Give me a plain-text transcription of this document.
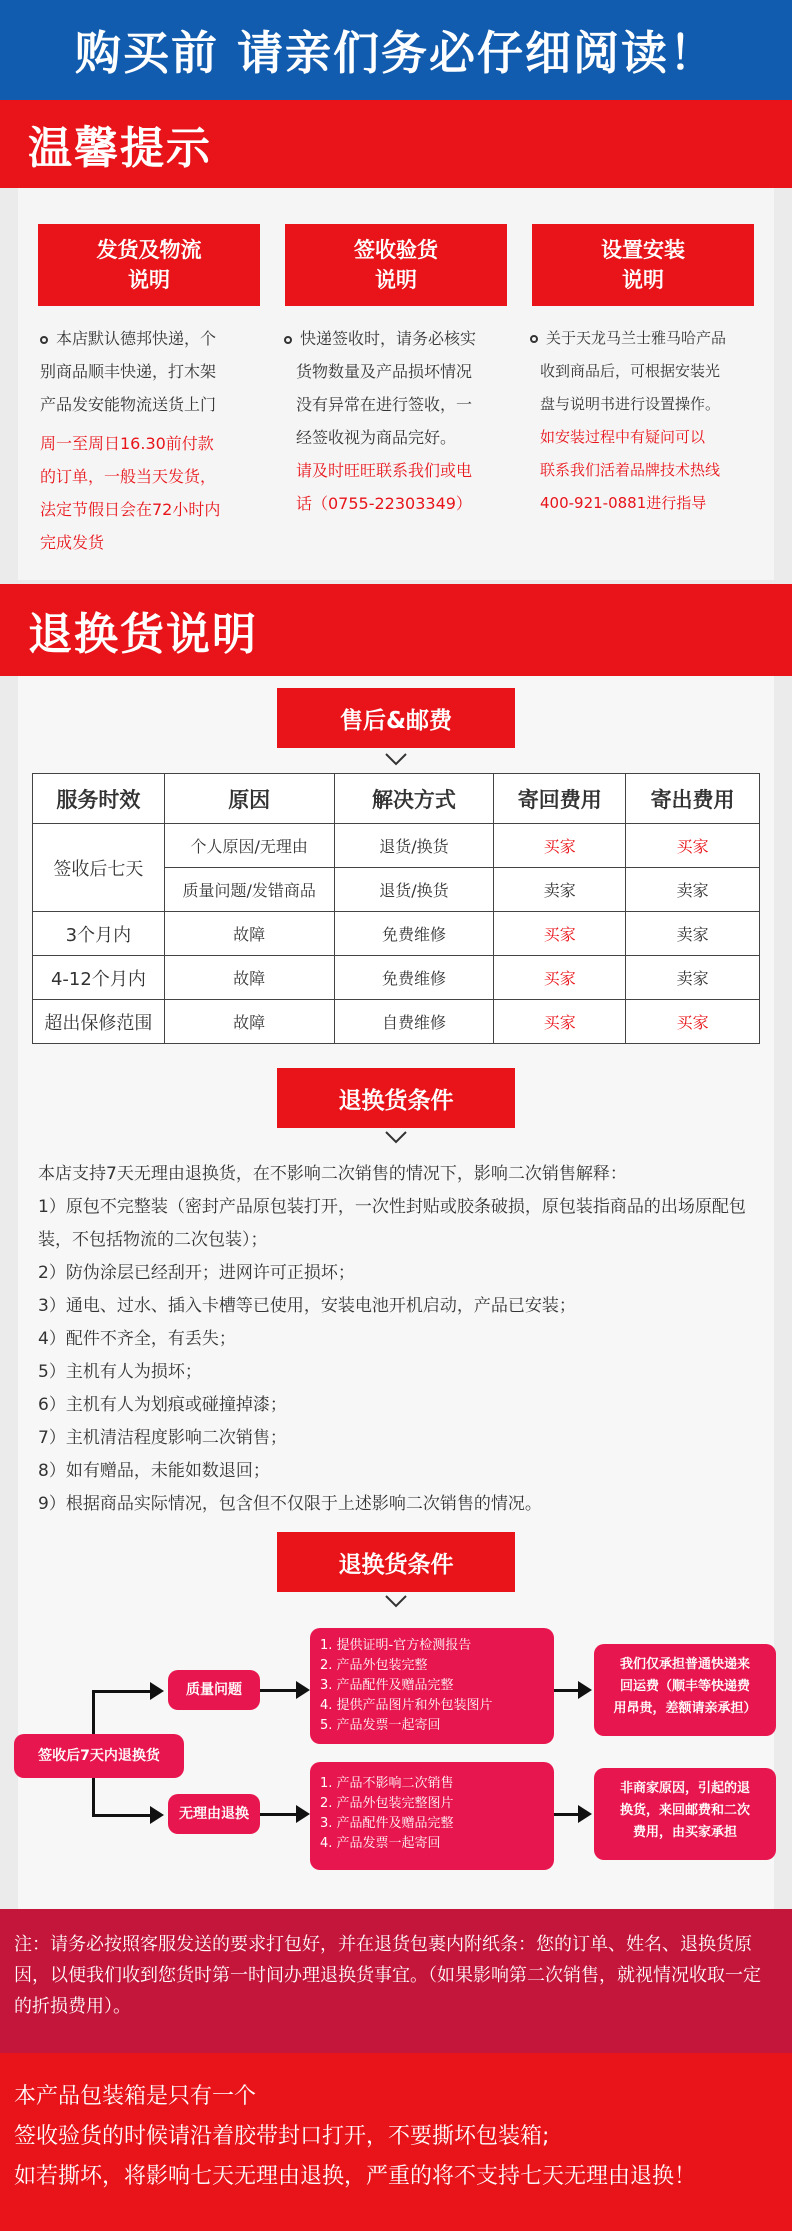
购买前 请亲们务必仔细阅读！
温馨提示
发货及物流
说明
签收验货
说明
设置安装
说明
本店默认德邦快递，个
别商品顺丰快递，打木架
产品发安能物流送货上门
周一至周日16.30前付款
的订单，一般当天发货，
法定节假日会在72小时内
完成发货
快递签收时，请务必核实
货物数量及产品损坏情况
没有异常在进行签收，一
经签收视为商品完好。
请及时旺旺联系我们或电
话（0755-22303349）
关于天龙马兰士雅马哈产品
收到商品后，可根据安装光
盘与说明书进行设置操作。
如安装过程中有疑问可以
联系我们活着品牌技术热线
400-921-0881进行指导
退换货说明
售后&邮费
服务时效	原因	解决方式	寄回费用	寄出费用
签收后七天	个人原因/无理由	退货/换货	买家	买家
	质量问题/发错商品	退货/换货	卖家	卖家
3个月内	故障	免费维修	买家	卖家
4-12个月内	故障	免费维修	买家	卖家
超出保修范围	故障	自费维修	买家	买家
退换货条件
本店支持7天无理由退换货，在不影响二次销售的情况下，影响二次销售解释：
1）原包不完整装（密封产品原包装打开，一次性封贴或胶条破损，原包装指商品的出场原配包装，不包括物流的二次包装）；
2）防伪涂层已经刮开；进网许可正损坏；
3）通电、过水、插入卡槽等已使用，安装电池开机启动，产品已安装；
4）配件不齐全，有丢失；
5）主机有人为损坏；
6）主机有人为划痕或碰撞掉漆；
7）主机清洁程度影响二次销售；
8）如有赠品，未能如数退回；
9）根据商品实际情况，包含但不仅限于上述影响二次销售的情况。
退换货条件
签收后7天内退换货
质量问题
无理由退换
1. 提供证明-官方检测报告
2. 产品外包装完整
3. 产品配件及赠品完整
4. 提供产品图片和外包装图片
5. 产品发票一起寄回
1. 产品不影响二次销售
2. 产品外包装完整图片
3. 产品配件及赠品完整
4. 产品发票一起寄回
我们仅承担普通快递来
回运费（顺丰等快递费
用昂贵，差额请亲承担）
非商家原因，引起的退
换货，来回邮费和二次
费用，由买家承担
注：请务必按照客服发送的要求打包好，并在退货包裹内附纸条：您的订单、姓名、退换货原因，以便我们收到您货时第一时间办理退换货事宜。（如果影响第二次销售，就视情况收取一定的折损费用）。
本产品包装箱是只有一个
签收验货的时候请沿着胶带封口打开，不要撕坏包装箱;
如若撕坏，将影响七天无理由退换，严重的将不支持七天无理由退换！
